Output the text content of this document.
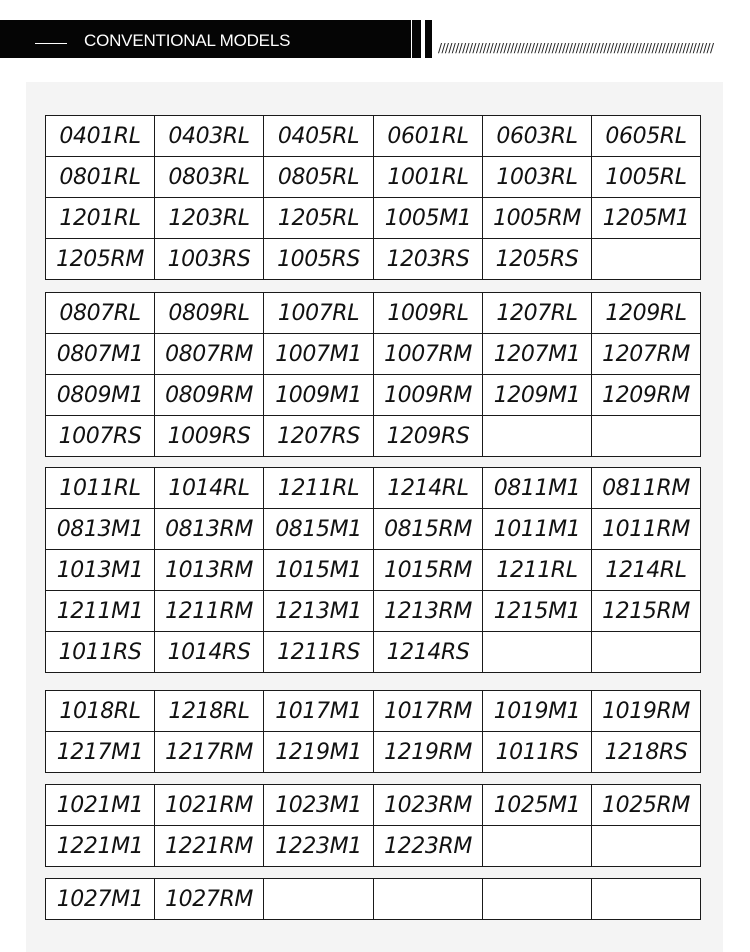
CONVENTIONAL MODELS	////////////////////////////////////////////////////////////////////////////////
0401RL	0403RL	0405RL	0601RL	0603RL	0605RL
0801RL	0803RL	0805RL	1001RL	1003RL	1005RL
1201RL	1203RL	1205RL	1005M1	1005RM	1205M1
1205RM	1003RS	1005RS	1203RS	1205RS	
0807RL	0809RL	1007RL	1009RL	1207RL	1209RL
0807M1	0807RM	1007M1	1007RM	1207M1	1207RM
0809M1	0809RM	1009M1	1009RM	1209M1	1209RM
1007RS	1009RS	1207RS	1209RS		
1011RL	1014RL	1211RL	1214RL	0811M1	0811RM
0813M1	0813RM	0815M1	0815RM	1011M1	1011RM
1013M1	1013RM	1015M1	1015RM	1211RL	1214RL
1211M1	1211RM	1213M1	1213RM	1215M1	1215RM
1011RS	1014RS	1211RS	1214RS		
1018RL	1218RL	1017M1	1017RM	1019M1	1019RM
1217M1	1217RM	1219M1	1219RM	1011RS	1218RS
1021M1	1021RM	1023M1	1023RM	1025M1	1025RM
1221M1	1221RM	1223M1	1223RM		
1027M1	1027RM				
